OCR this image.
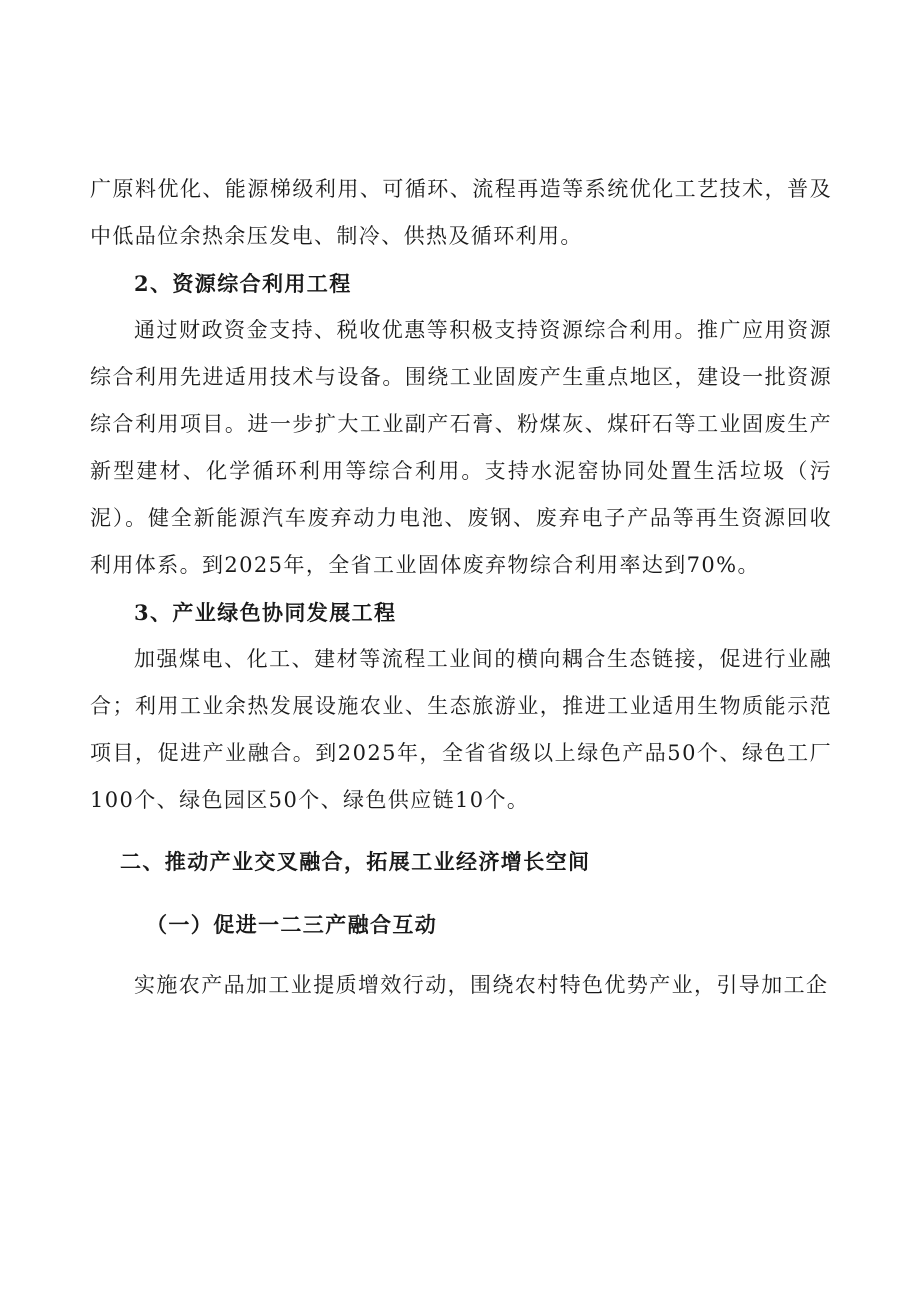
广原料优化、能源梯级利用、可循环、流程再造等系统优化工艺技术，普及中低品位余热余压发电、制冷、供热及循环利用。

2、资源综合利用工程

通过财政资金支持、税收优惠等积极支持资源综合利用。推广应用资源综合利用先进适用技术与设备。围绕工业固废产生重点地区，建设一批资源综合利用项目。进一步扩大工业副产石膏、粉煤灰、煤矸石等工业固废生产新型建材、化学循环利用等综合利用。支持水泥窑协同处置生活垃圾（污泥）。健全新能源汽车废弃动力电池、废钢、废弃电子产品等再生资源回收利用体系。到2025年，全省工业固体废弃物综合利用率达到70%。

3、产业绿色协同发展工程

加强煤电、化工、建材等流程工业间的横向耦合生态链接，促进行业融合；利用工业余热发展设施农业、生态旅游业，推进工业适用生物质能示范项目，促进产业融合。到2025年，全省省级以上绿色产品50个、绿色工厂100个、绿色园区50个、绿色供应链10个。

二、推动产业交叉融合，拓展工业经济增长空间
（一）促进一二三产融合互动

实施农产品加工业提质增效行动，围绕农村特色优势产业，引导加工企
